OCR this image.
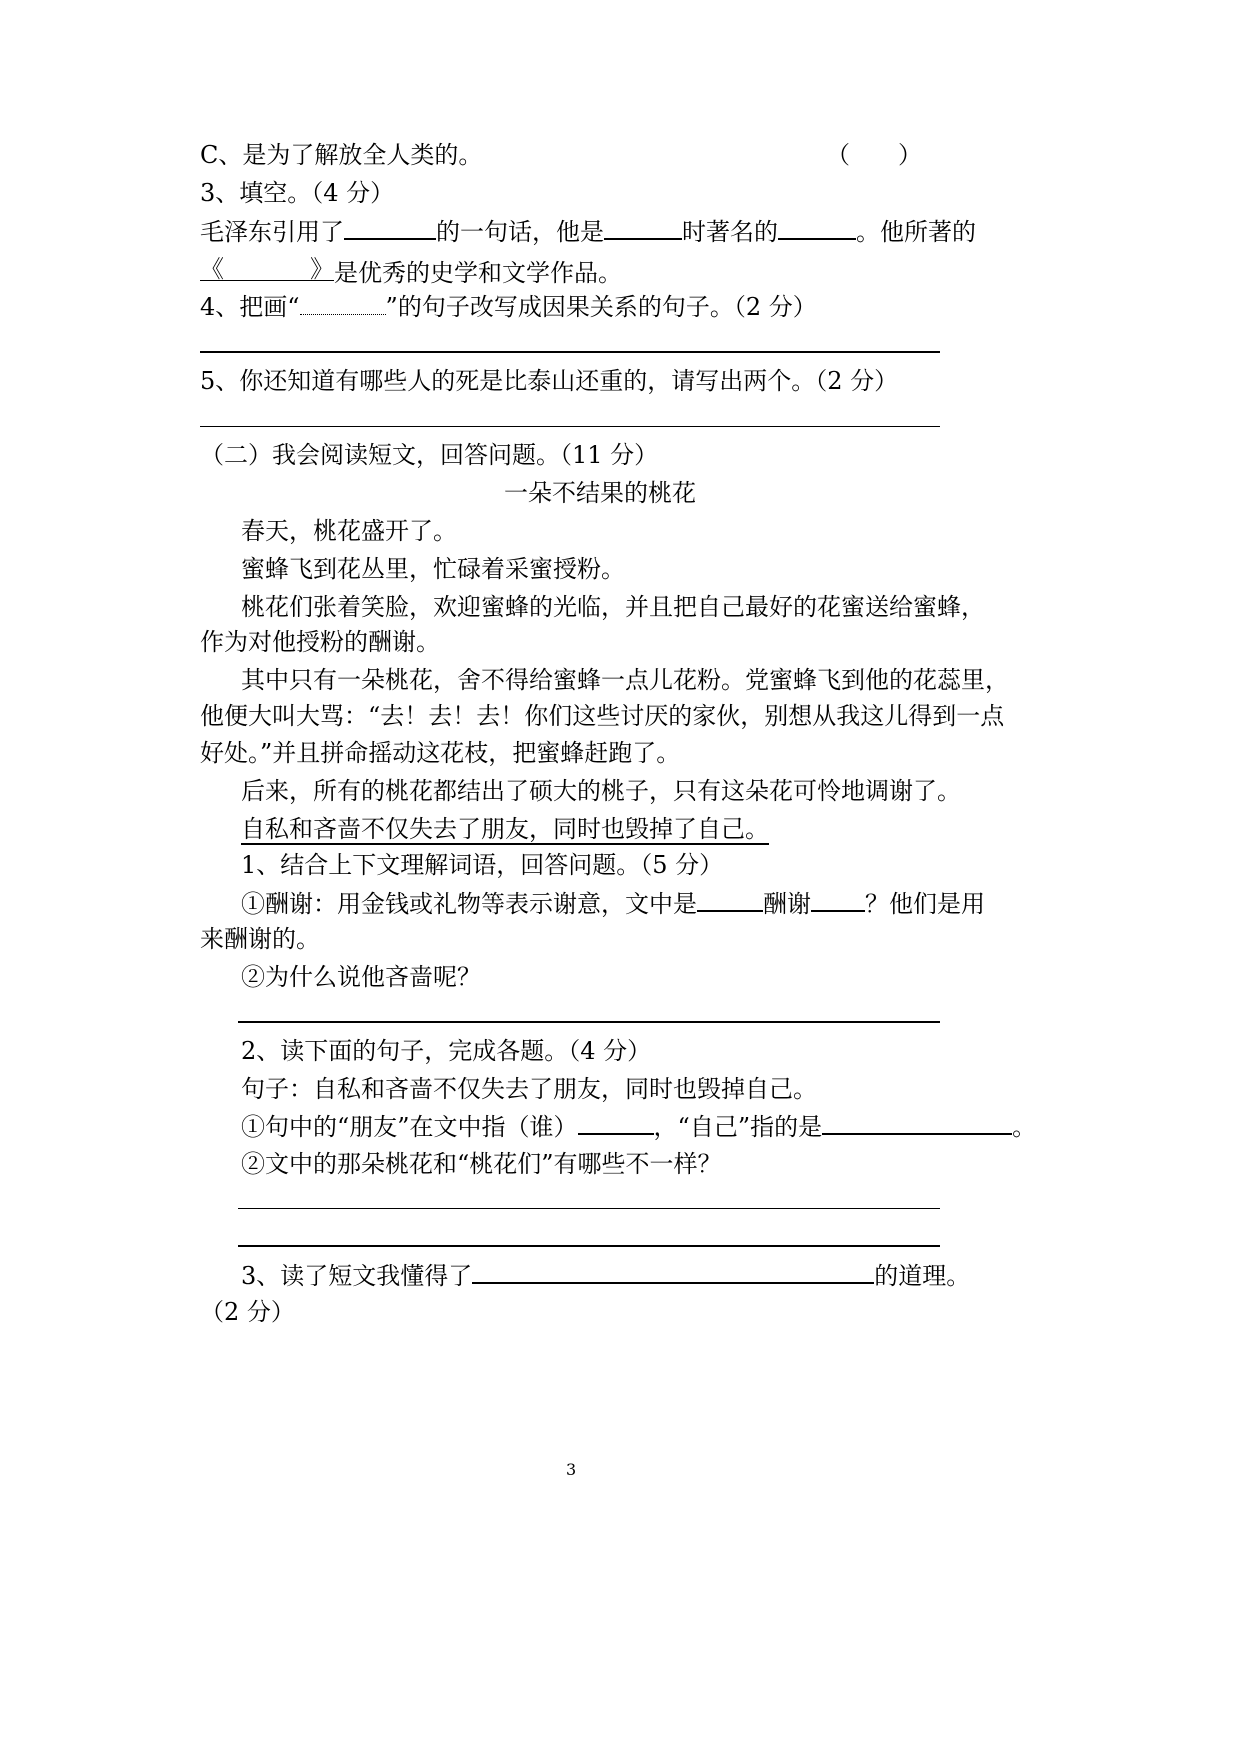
C、是为了解放全人类的。	（　　）
3、填空。（4 分）
毛泽东引用了	的一句话，他是	时著名的	。他所著的
《	》 是优秀的史学和文学作品。
4、把画“	”的句子改写成因果关系的句子。（2 分）
5、你还知道有哪些人的死是比泰山还重的，请写出两个。（2 分）
（二）我会阅读短文，回答问题。（11 分）
一朵不结果的桃花
春天，桃花盛开了。
蜜蜂飞到花丛里，忙碌着采蜜授粉。
桃花们张着笑脸，欢迎蜜蜂的光临，并且把自己最好的花蜜送给蜜蜂，
作为对他授粉的酬谢。
其中只有一朵桃花，舍不得给蜜蜂一点儿花粉。党蜜蜂飞到他的花蕊里，
他便大叫大骂：“去！去！去！你们这些讨厌的家伙，别想从我这儿得到一点
好处。”并且拼命摇动这花枝，把蜜蜂赶跑了。
后来，所有的桃花都结出了硕大的桃子，只有这朵花可怜地调谢了。
自私和吝啬不仅失去了朋友，同时也毁掉了自己。
1、结合上下文理解词语，回答问题。（5 分）
①酬谢：用金钱或礼物等表示谢意，文中是	酬谢 ？他们是用
来酬谢的。
②为什么说他吝啬呢？
2、读下面的句子，完成各题。（4 分）
句子：自私和吝啬不仅失去了朋友，同时也毁掉自己。
①句中的“朋友”在文中指（谁）	，“自己”指的是	。
②文中的那朵桃花和“桃花们”有哪些不一样？
3、读了短文我懂得了	的道理。
（2 分）
3
